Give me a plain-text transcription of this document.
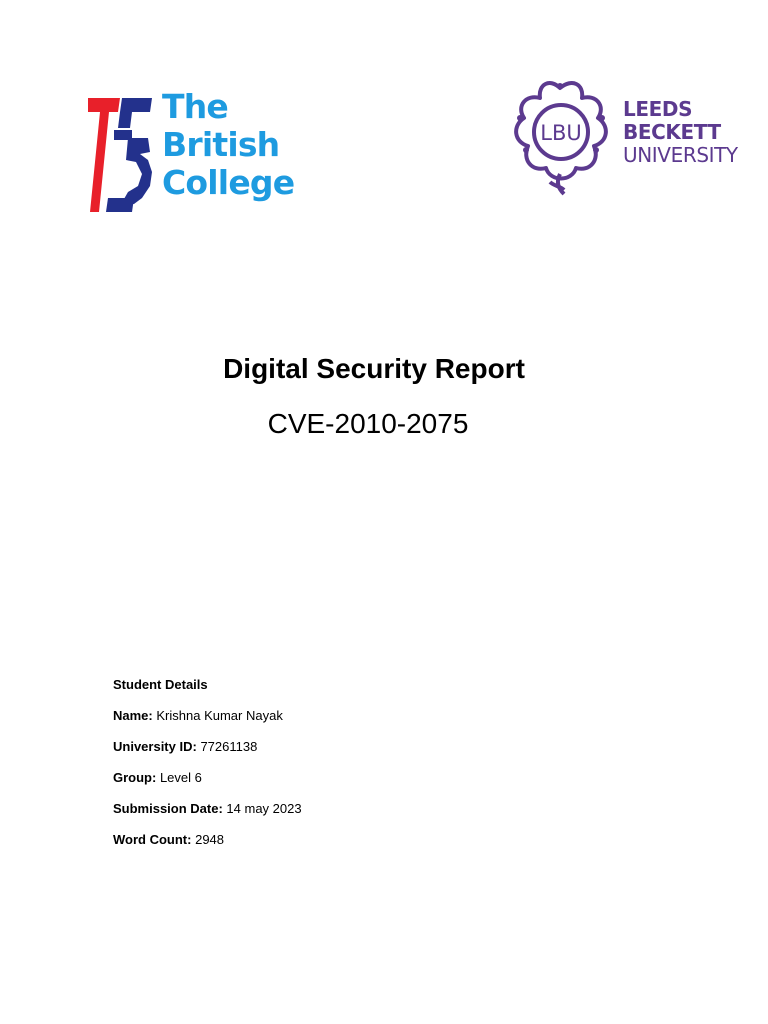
The
British
College
LBU
LEEDS
BECKETT
UNIVERSITY
Digital Security Report
CVE-2010-2075
Student Details
Name: Krishna Kumar Nayak
University ID: 77261138
Group: Level 6
Submission Date: 14 may 2023
Word Count: 2948
